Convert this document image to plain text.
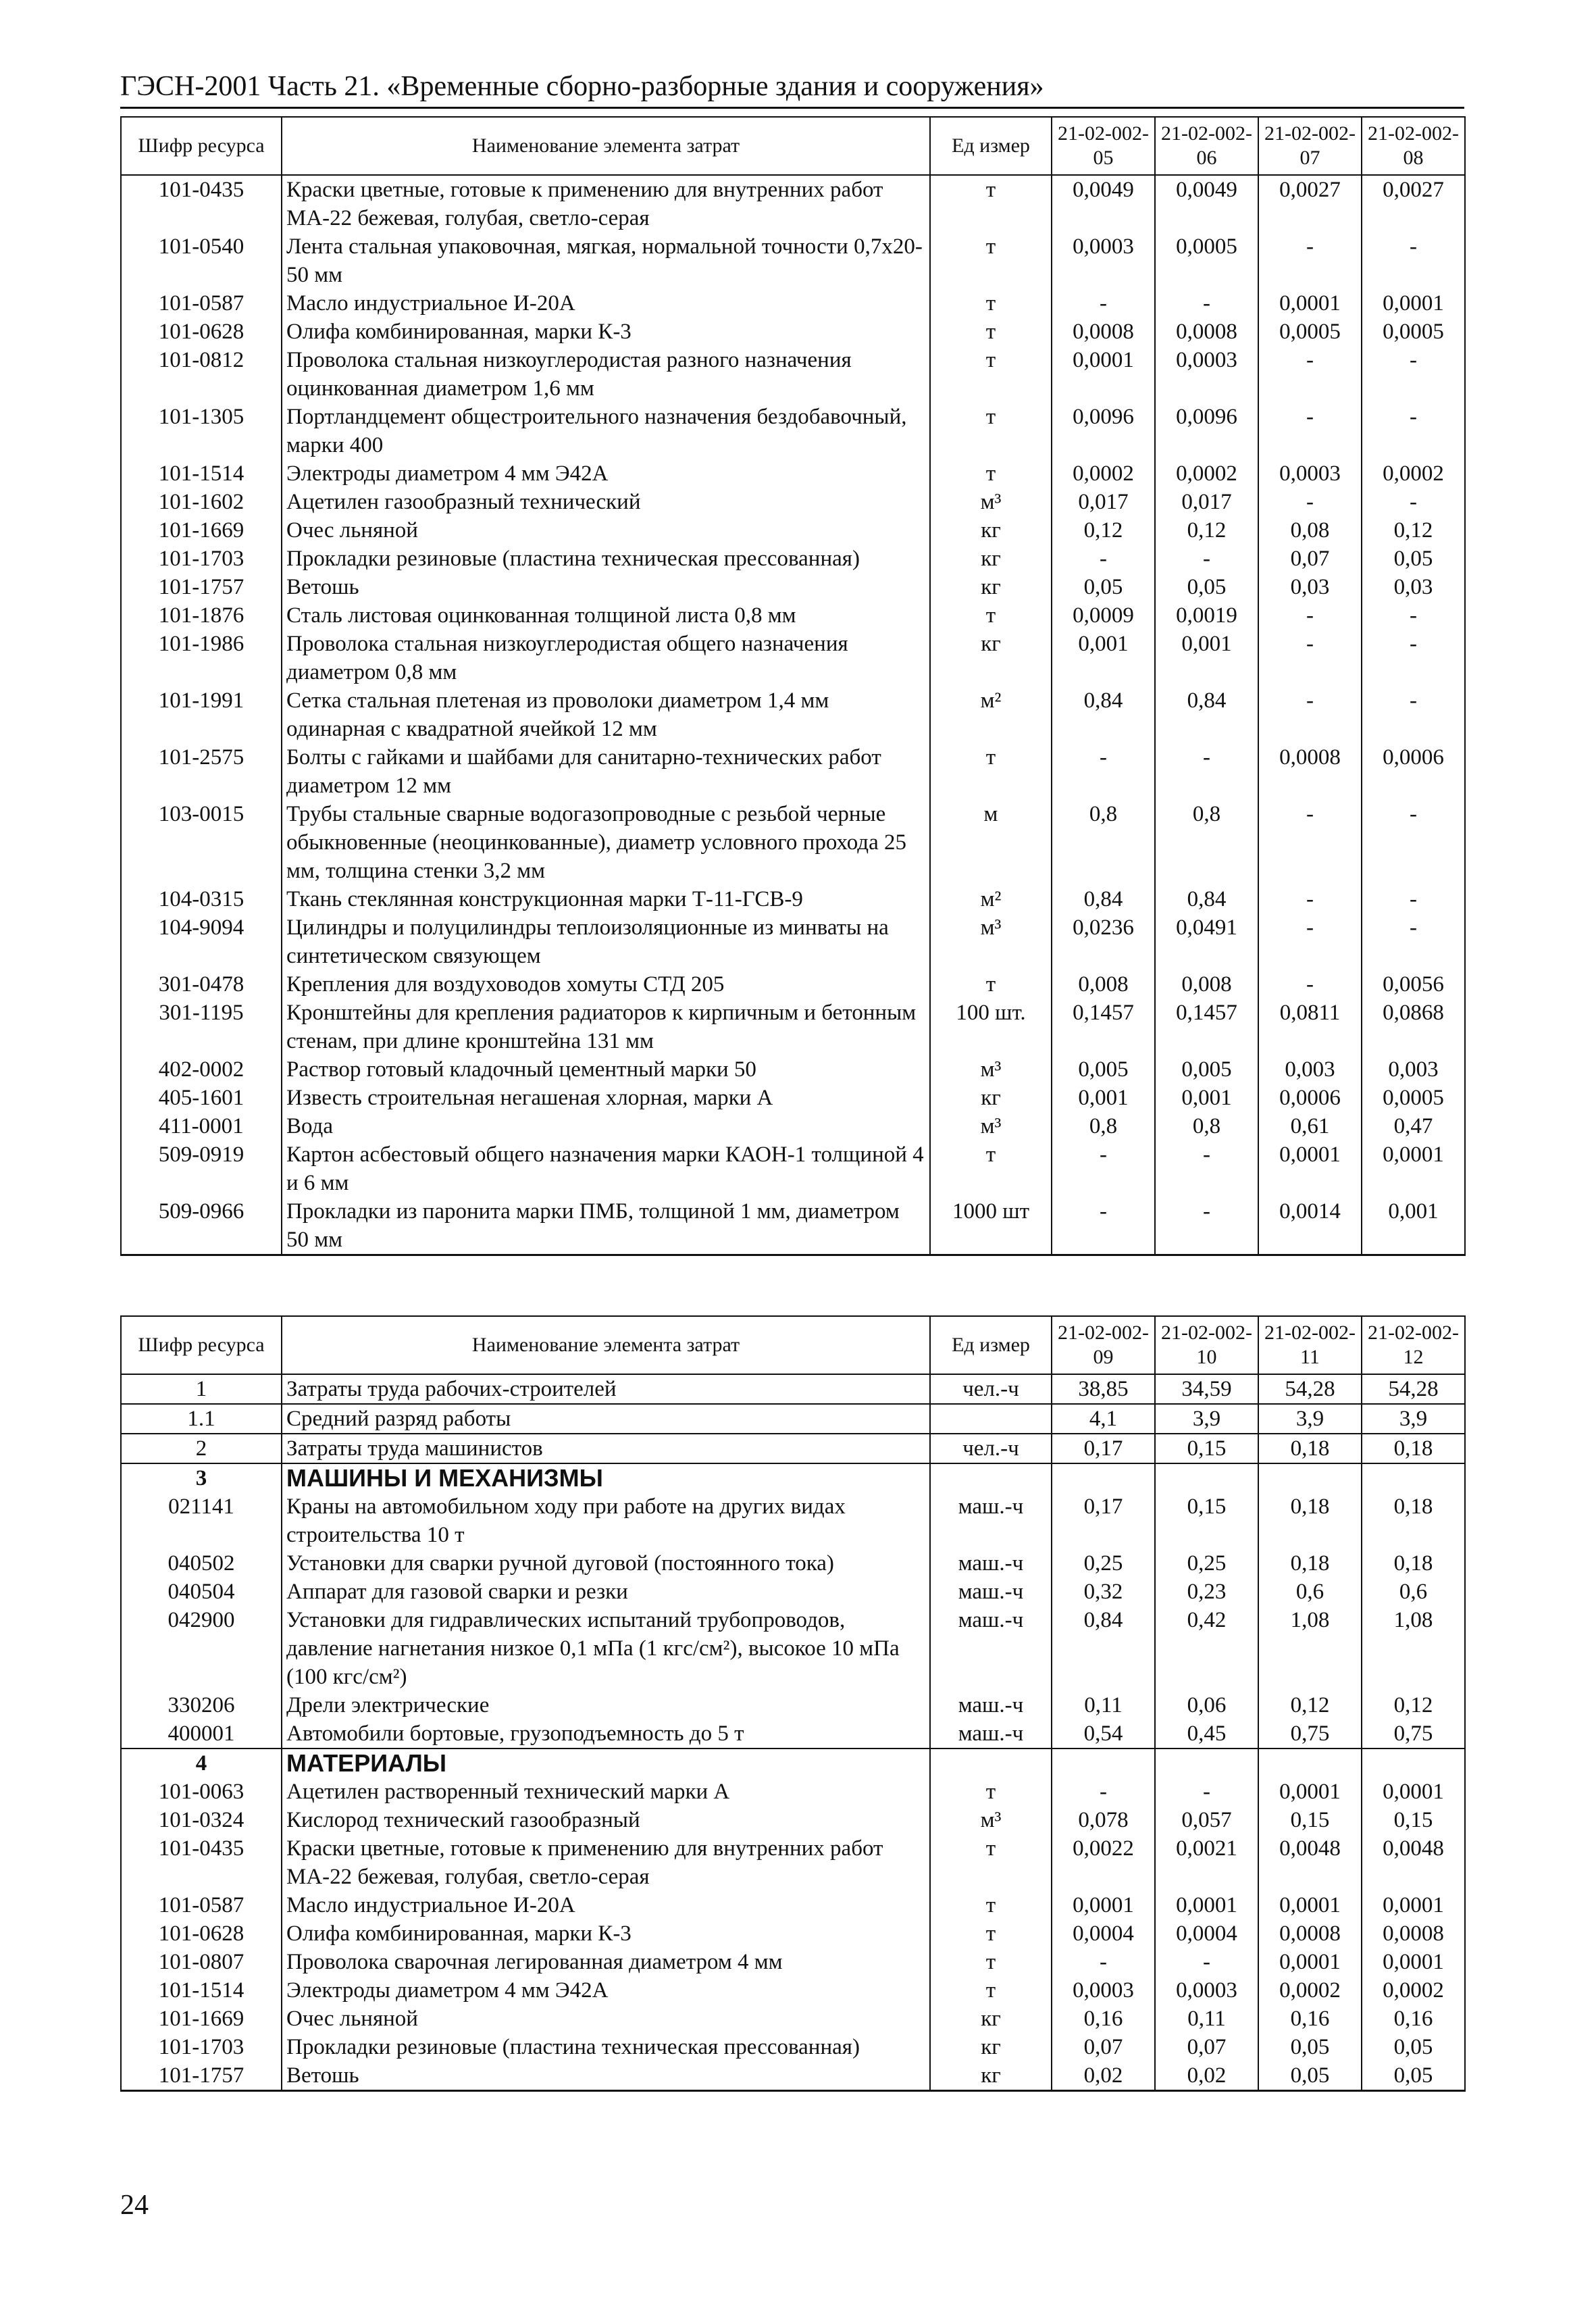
ГЭСН-2001 Часть 21. «Временные сборно-разборные здания и сооружения»
Шифр ресурса	Наименование элемента затрат	Ед измер	21-02-002-05	21-02-002-06	21-02-002-07	21-02-002-08
101-0435	Краски цветные, готовые к применению для внутренних работ МА-22 бежевая, голубая, светло-серая	т	0,0049	0,0049	0,0027	0,0027
101-0540	Лента стальная упаковочная, мягкая, нормальной точности 0,7х20-50 мм	т	0,0003	0,0005	-	-
101-0587	Масло индустриальное И-20А	т	-	-	0,0001	0,0001
101-0628	Олифа комбинированная, марки К-3	т	0,0008	0,0008	0,0005	0,0005
101-0812	Проволока стальная низкоуглеродистая разного назначения оцинкованная диаметром 1,6 мм	т	0,0001	0,0003	-	-
101-1305	Портландцемент общестроительного назначения бездобавочный, марки 400	т	0,0096	0,0096	-	-
101-1514	Электроды диаметром 4 мм Э42А	т	0,0002	0,0002	0,0003	0,0002
101-1602	Ацетилен газообразный технический	м³	0,017	0,017	-	-
101-1669	Очес льняной	кг	0,12	0,12	0,08	0,12
101-1703	Прокладки резиновые (пластина техническая прессованная)	кг	-	-	0,07	0,05
101-1757	Ветошь	кг	0,05	0,05	0,03	0,03
101-1876	Сталь листовая оцинкованная толщиной листа 0,8 мм	т	0,0009	0,0019	-	-
101-1986	Проволока стальная низкоуглеродистая общего назначения диаметром 0,8 мм	кг	0,001	0,001	-	-
101-1991	Сетка стальная плетеная из проволоки диаметром 1,4 мм одинарная с квадратной ячейкой 12 мм	м²	0,84	0,84	-	-
101-2575	Болты с гайками и шайбами для санитарно-технических работ диаметром 12 мм	т	-	-	0,0008	0,0006
103-0015	Трубы стальные сварные водогазопроводные с резьбой черные обыкновенные (неоцинкованные), диаметр условного прохода 25 мм, толщина стенки 3,2 мм	м	0,8	0,8	-	-
104-0315	Ткань стеклянная конструкционная марки Т-11-ГСВ-9	м²	0,84	0,84	-	-
104-9094	Цилиндры и полуцилиндры теплоизоляционные из минваты на синтетическом связующем	м³	0,0236	0,0491	-	-
301-0478	Крепления для воздуховодов хомуты СТД 205	т	0,008	0,008	-	0,0056
301-1195	Кронштейны для крепления радиаторов к кирпичным и бетонным стенам, при длине кронштейна 131 мм	100 шт.	0,1457	0,1457	0,0811	0,0868
402-0002	Раствор готовый кладочный цементный марки 50	м³	0,005	0,005	0,003	0,003
405-1601	Известь строительная негашеная хлорная, марки А	кг	0,001	0,001	0,0006	0,0005
411-0001	Вода	м³	0,8	0,8	0,61	0,47
509-0919	Картон асбестовый общего назначения марки КАОН-1 толщиной 4 и 6 мм	т	-	-	0,0001	0,0001
509-0966	Прокладки из паронита марки ПМБ, толщиной 1 мм, диаметром 50 мм	1000 шт	-	-	0,0014	0,001
Шифр ресурса	Наименование элемента затрат	Ед измер	21-02-002-09	21-02-002-10	21-02-002-11	21-02-002-12
1	Затраты труда рабочих-строителей	чел.-ч	38,85	34,59	54,28	54,28
1.1	Средний разряд работы		4,1	3,9	3,9	3,9
2	Затраты труда машинистов	чел.-ч	0,17	0,15	0,18	0,18
3	МАШИНЫ И МЕХАНИЗМЫ					
021141	Краны на автомобильном ходу при работе на других видах строительства 10 т	маш.-ч	0,17	0,15	0,18	0,18
040502	Установки для сварки ручной дуговой (постоянного тока)	маш.-ч	0,25	0,25	0,18	0,18
040504	Аппарат для газовой сварки и резки	маш.-ч	0,32	0,23	0,6	0,6
042900	Установки для гидравлических испытаний трубопроводов, давление нагнетания низкое 0,1 мПа (1 кгс/см²), высокое 10 мПа (100 кгс/см²)	маш.-ч	0,84	0,42	1,08	1,08
330206	Дрели электрические	маш.-ч	0,11	0,06	0,12	0,12
400001	Автомобили бортовые, грузоподъемность до 5 т	маш.-ч	0,54	0,45	0,75	0,75
4	МАТЕРИАЛЫ					
101-0063	Ацетилен растворенный технический марки А	т	-	-	0,0001	0,0001
101-0324	Кислород технический газообразный	м³	0,078	0,057	0,15	0,15
101-0435	Краски цветные, готовые к применению для внутренних работ МА-22 бежевая, голубая, светло-серая	т	0,0022	0,0021	0,0048	0,0048
101-0587	Масло индустриальное И-20А	т	0,0001	0,0001	0,0001	0,0001
101-0628	Олифа комбинированная, марки К-3	т	0,0004	0,0004	0,0008	0,0008
101-0807	Проволока сварочная легированная диаметром 4 мм	т	-	-	0,0001	0,0001
101-1514	Электроды диаметром 4 мм Э42А	т	0,0003	0,0003	0,0002	0,0002
101-1669	Очес льняной	кг	0,16	0,11	0,16	0,16
101-1703	Прокладки резиновые (пластина техническая прессованная)	кг	0,07	0,07	0,05	0,05
101-1757	Ветошь	кг	0,02	0,02	0,05	0,05
24
